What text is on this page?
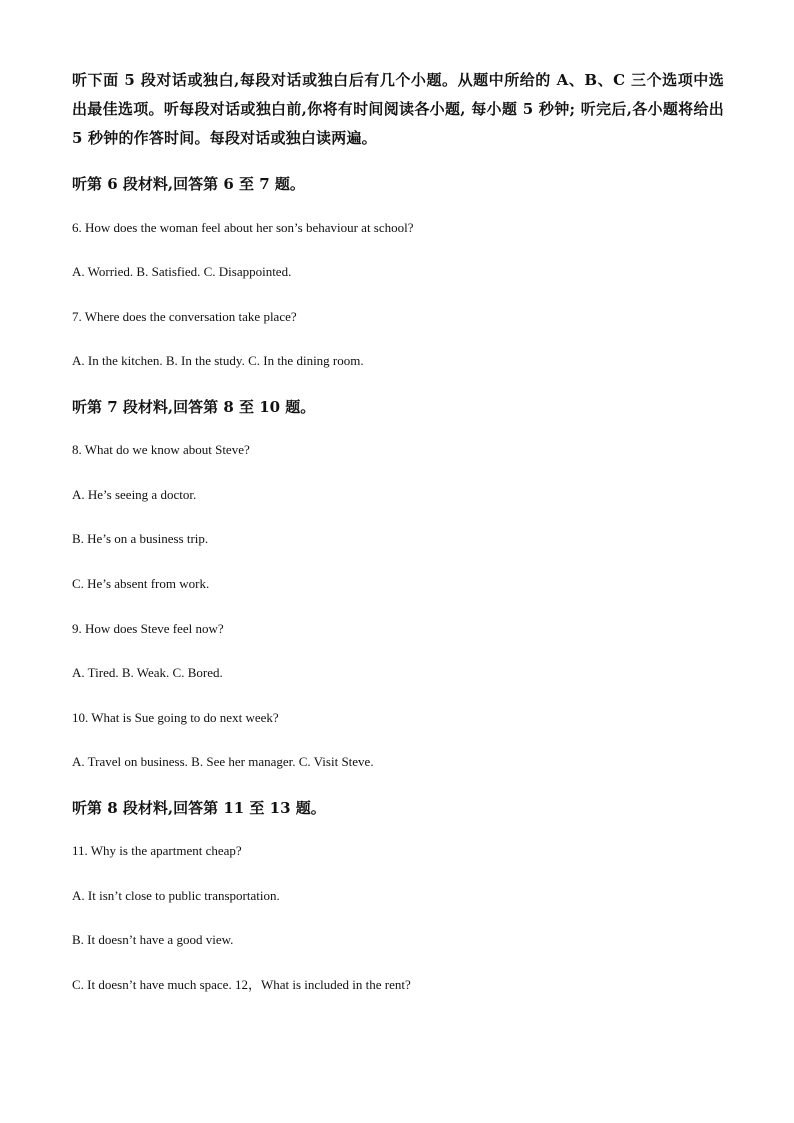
听下面 5 段对话或独白,每段对话或独白后有几个小题。从题中所给的 A、B、C 三个选项中选出最佳选项。听每段对话或独白前,你将有时间阅读各小题, 每小题 5 秒钟; 听完后,各小题将给出 5 秒钟的作答时间。每段对话或独白读两遍。
听第 6 段材料,回答第 6 至 7 题。
6. How does the woman feel about her son’s behaviour at school?
A. Worried. B. Satisfied. C. Disappointed.
7. Where does the conversation take place?
A. In the kitchen. B. In the study. C. In the dining room.
听第 7 段材料,回答第 8 至 10 题。
8. What do we know about Steve?
A. He’s seeing a doctor.
B. He’s on a business trip.
C. He’s absent from work.
9. How does Steve feel now?
A. Tired. B. Weak. C. Bored.
10. What is Sue going to do next week?
A. Travel on business. B. See her manager. C. Visit Steve.
听第 8 段材料,回答第 11 至 13 题。
11. Why is the apartment cheap?
A. It isn’t close to public transportation.
B. It doesn’t have a good view.
C. It doesn’t have much space. 12，What is included in the rent?
